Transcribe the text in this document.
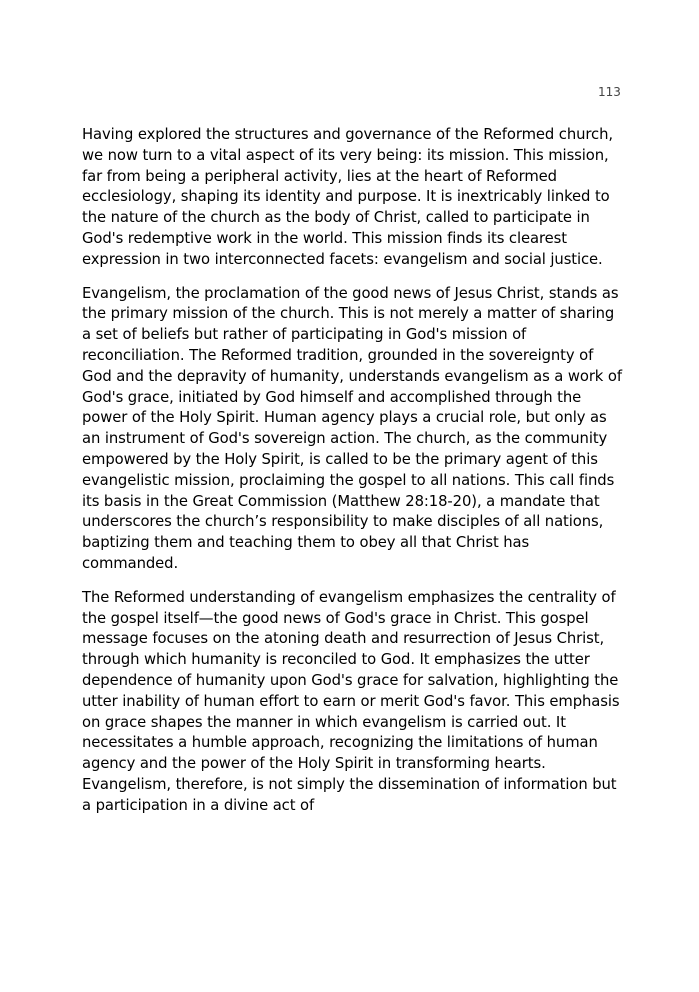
113

Having explored the structures and governance of the Reformed church, we now turn to a vital aspect of its very being: its mission. This mission, far from being a peripheral activity, lies at the heart of Reformed ecclesiology, shaping its identity and purpose. It is inextricably linked to the nature of the church as the body of Christ, called to participate in God's redemptive work in the world. This mission finds its clearest expression in two interconnected facets: evangelism and social justice.

Evangelism, the proclamation of the good news of Jesus Christ, stands as the primary mission of the church. This is not merely a matter of sharing a set of beliefs but rather of participating in God's mission of reconciliation. The Reformed tradition, grounded in the sovereignty of God and the depravity of humanity, understands evangelism as a work of God's grace, initiated by God himself and accomplished through the power of the Holy Spirit. Human agency plays a crucial role, but only as an instrument of God's sovereign action. The church, as the community empowered by the Holy Spirit, is called to be the primary agent of this evangelistic mission, proclaiming the gospel to all nations. This call finds its basis in the Great Commission (Matthew 28:18-20), a mandate that underscores the church’s responsibility to make disciples of all nations, baptizing them and teaching them to obey all that Christ has commanded.

The Reformed understanding of evangelism emphasizes the centrality of the gospel itself—the good news of God's grace in Christ. This gospel message focuses on the atoning death and resurrection of Jesus Christ, through which humanity is reconciled to God. It emphasizes the utter dependence of humanity upon God's grace for salvation, highlighting the utter inability of human effort to earn or merit God's favor. This emphasis on grace shapes the manner in which evangelism is carried out. It necessitates a humble approach, recognizing the limitations of human agency and the power of the Holy Spirit in transforming hearts. Evangelism, therefore, is not simply the dissemination of information but a participation in a divine act of
